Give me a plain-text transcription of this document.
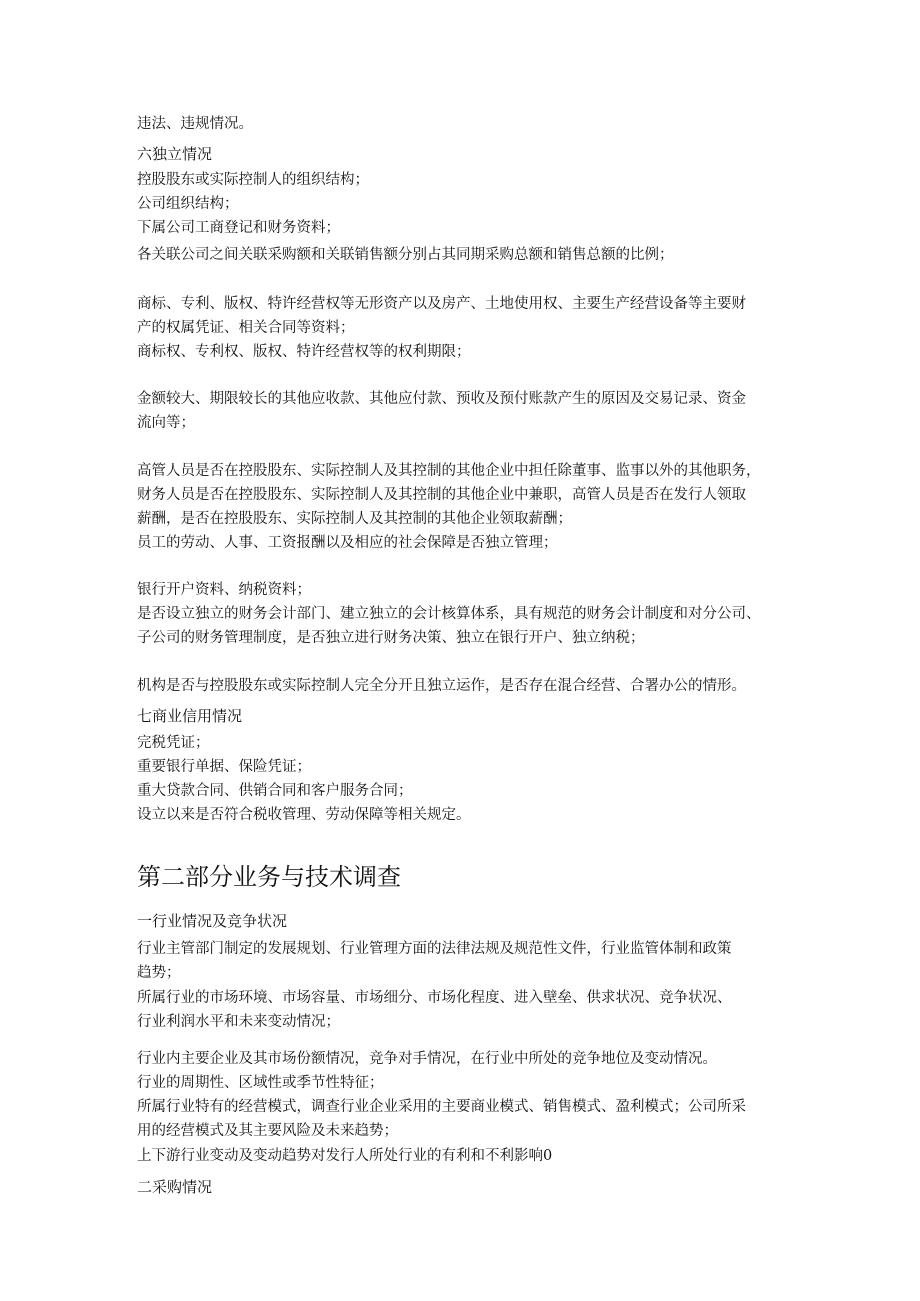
违法、违规情况。
六独立情况
控股股东或实际控制人的组织结构；
公司组织结构；
下属公司工商登记和财务资料；
各关联公司之间关联采购额和关联销售额分别占其同期采购总额和销售总额的比例；
商标、专利、版权、特许经营权等无形资产以及房产、土地使用权、主要生产经营设备等主要财
产的权属凭证、相关合同等资料；
商标权、专利权、版权、特许经营权等的权利期限；
金额较大、期限较长的其他应收款、其他应付款、预收及预付账款产生的原因及交易记录、资金
流向等；
高管人员是否在控股股东、实际控制人及其控制的其他企业中担任除董事、监事以外的其他职务，
财务人员是否在控股股东、实际控制人及其控制的其他企业中兼职，高管人员是否在发行人领取
薪酬，是否在控股股东、实际控制人及其控制的其他企业领取薪酬；
员工的劳动、人事、工资报酬以及相应的社会保障是否独立管理；
银行开户资料、纳税资料；
是否设立独立的财务会计部门、建立独立的会计核算体系，具有规范的财务会计制度和对分公司、
子公司的财务管理制度，是否独立进行财务决策、独立在银行开户、独立纳税；
机构是否与控股股东或实际控制人完全分开且独立运作，是否存在混合经营、合署办公的情形。
七商业信用情况
完税凭证；
重要银行单据、保险凭证；
重大贷款合同、供销合同和客户服务合同；
设立以来是否符合税收管理、劳动保障等相关规定。
第二部分业务与技术调查
一行业情况及竞争状况
行业主管部门制定的发展规划、行业管理方面的法律法规及规范性文件，行业监管体制和政策
趋势；
所属行业的市场环境、市场容量、市场细分、市场化程度、进入壁垒、供求状况、竞争状况、
行业利润水平和未来变动情况；
行业内主要企业及其市场份额情况，竞争对手情况，在行业中所处的竞争地位及变动情况。
行业的周期性、区域性或季节性特征；
所属行业特有的经营模式，调查行业企业采用的主要商业模式、销售模式、盈利模式；公司所采
用的经营模式及其主要风险及未来趋势；
上下游行业变动及变动趋势对发行人所处行业的有利和不利影响0
二采购情况
